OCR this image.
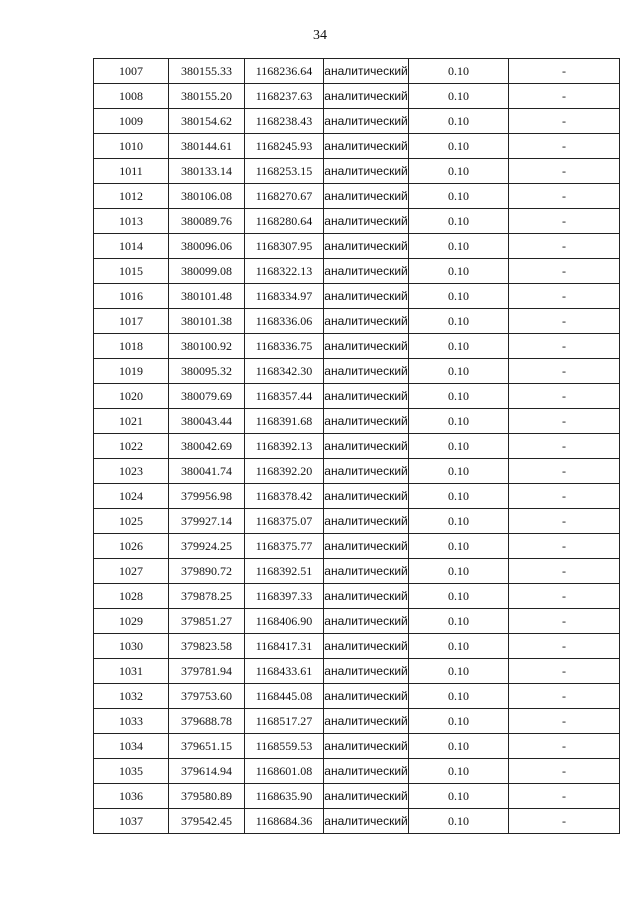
34
1007	380155.33	1168236.64	аналитический	0.10	-
1008	380155.20	1168237.63	аналитический	0.10	-
1009	380154.62	1168238.43	аналитический	0.10	-
1010	380144.61	1168245.93	аналитический	0.10	-
1011	380133.14	1168253.15	аналитический	0.10	-
1012	380106.08	1168270.67	аналитический	0.10	-
1013	380089.76	1168280.64	аналитический	0.10	-
1014	380096.06	1168307.95	аналитический	0.10	-
1015	380099.08	1168322.13	аналитический	0.10	-
1016	380101.48	1168334.97	аналитический	0.10	-
1017	380101.38	1168336.06	аналитический	0.10	-
1018	380100.92	1168336.75	аналитический	0.10	-
1019	380095.32	1168342.30	аналитический	0.10	-
1020	380079.69	1168357.44	аналитический	0.10	-
1021	380043.44	1168391.68	аналитический	0.10	-
1022	380042.69	1168392.13	аналитический	0.10	-
1023	380041.74	1168392.20	аналитический	0.10	-
1024	379956.98	1168378.42	аналитический	0.10	-
1025	379927.14	1168375.07	аналитический	0.10	-
1026	379924.25	1168375.77	аналитический	0.10	-
1027	379890.72	1168392.51	аналитический	0.10	-
1028	379878.25	1168397.33	аналитический	0.10	-
1029	379851.27	1168406.90	аналитический	0.10	-
1030	379823.58	1168417.31	аналитический	0.10	-
1031	379781.94	1168433.61	аналитический	0.10	-
1032	379753.60	1168445.08	аналитический	0.10	-
1033	379688.78	1168517.27	аналитический	0.10	-
1034	379651.15	1168559.53	аналитический	0.10	-
1035	379614.94	1168601.08	аналитический	0.10	-
1036	379580.89	1168635.90	аналитический	0.10	-
1037	379542.45	1168684.36	аналитический	0.10	-
